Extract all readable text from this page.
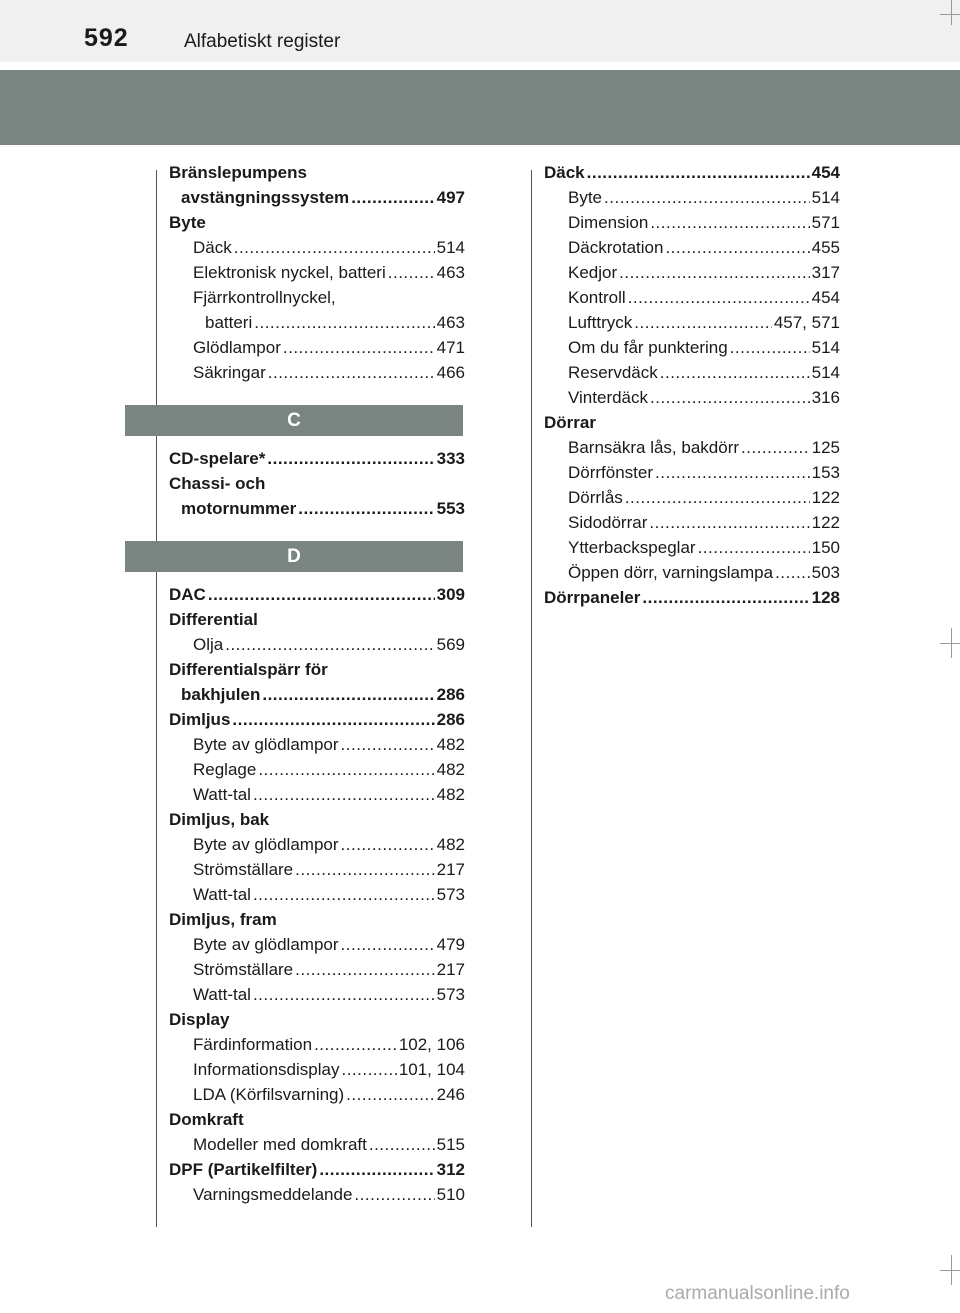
592	Alfabetiskt register
Bränslepumpens
avstängningssystem .....	497
Byte
Däck .....	514
Elektronisk nyckel, batteri .....	463
Fjärrkontrollnyckel,
batteri .....	463
Glödlampor .....	471
Säkringar .....	466
C
CD-spelare* .....	333
Chassi- och
motornummer .....	553
D
DAC .....	309
Differential
Olja .....	569
Differentialspärr för
bakhjulen .....	286
Dimljus .....	286
Byte av glödlampor .....	482
Reglage .....	482
Watt-tal .....	482
Dimljus, bak
Byte av glödlampor .....	482
Strömställare .....	217
Watt-tal .....	573
Dimljus, fram
Byte av glödlampor .....	479
Strömställare .....	217
Watt-tal .....	573
Display
Färdinformation .....	102, 106
Informationsdisplay .....	101, 104
LDA (Körfilsvarning) .....	246
Domkraft
Modeller med domkraft .....	515
DPF (Partikelfilter) .....	312
Varningsmeddelande .....	510
Däck .....	454
Byte .....	514
Dimension .....	571
Däckrotation .....	455
Kedjor .....	317
Kontroll .....	454
Lufttryck .....	457, 571
Om du får punktering .....	514
Reservdäck .....	514
Vinterdäck .....	316
Dörrar
Barnsäkra lås, bakdörr .....	125
Dörrfönster .....	153
Dörrlås .....	122
Sidodörrar .....	122
Ytterbackspeglar .....	150
Öppen dörr, varningslampa ..... 503
Dörrpaneler .....	128
carmanualsonline.info
